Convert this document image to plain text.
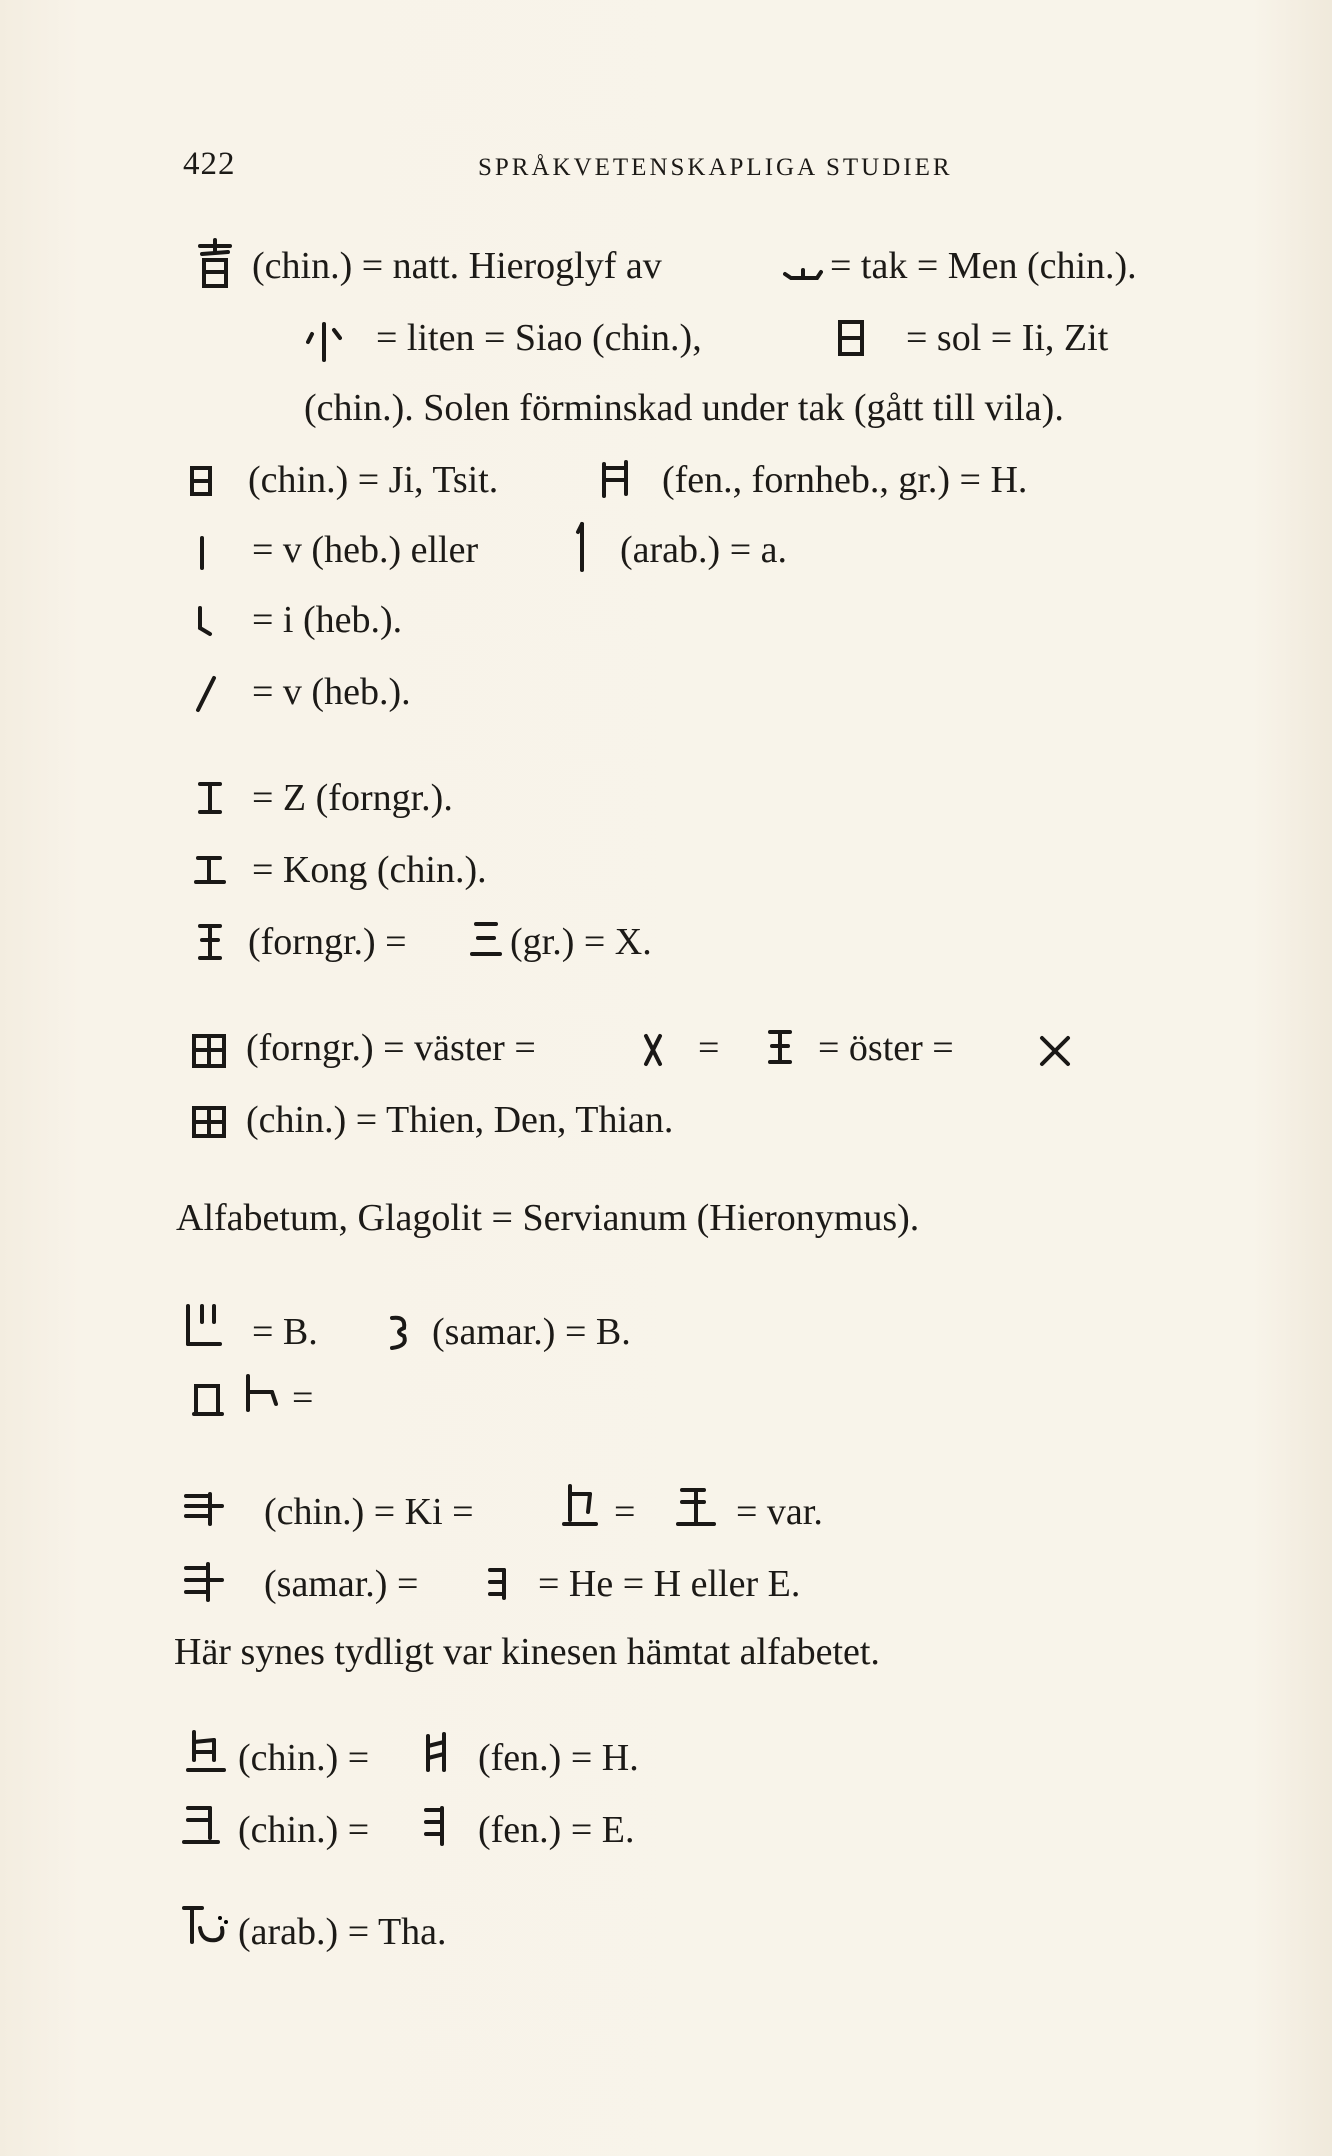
422	SPRÅKVETENSKAPLIGA STUDIER
(chin.) = natt. Hieroglyf av	= tak = Men (chin.).
= liten = Siao (chin.),	= sol = Ii, Zit
(chin.). Solen förminskad under tak (gått till vila).
(chin.) = Ji, Tsit.	(fen., fornheb., gr.) = H.
= v (heb.) eller	(arab.) = a.
= i (heb.).
= v (heb.).
= Z (forngr.).
= Kong (chin.).
(forngr.) =	(gr.) = X.
(forngr.) = väster =	=	= öster =
(chin.) = Thien, Den, Thian.
Alfabetum, Glagolit = Servianum (Hieronymus).
= B.	(samar.) = B.
=
(chin.) = Ki =	=	= var.
(samar.) =	= He = H eller E.
Här synes tydligt var kinesen hämtat alfabetet.
(chin.) =	(fen.) = H.
(chin.) =	(fen.) = E.
(arab.) = Tha.
